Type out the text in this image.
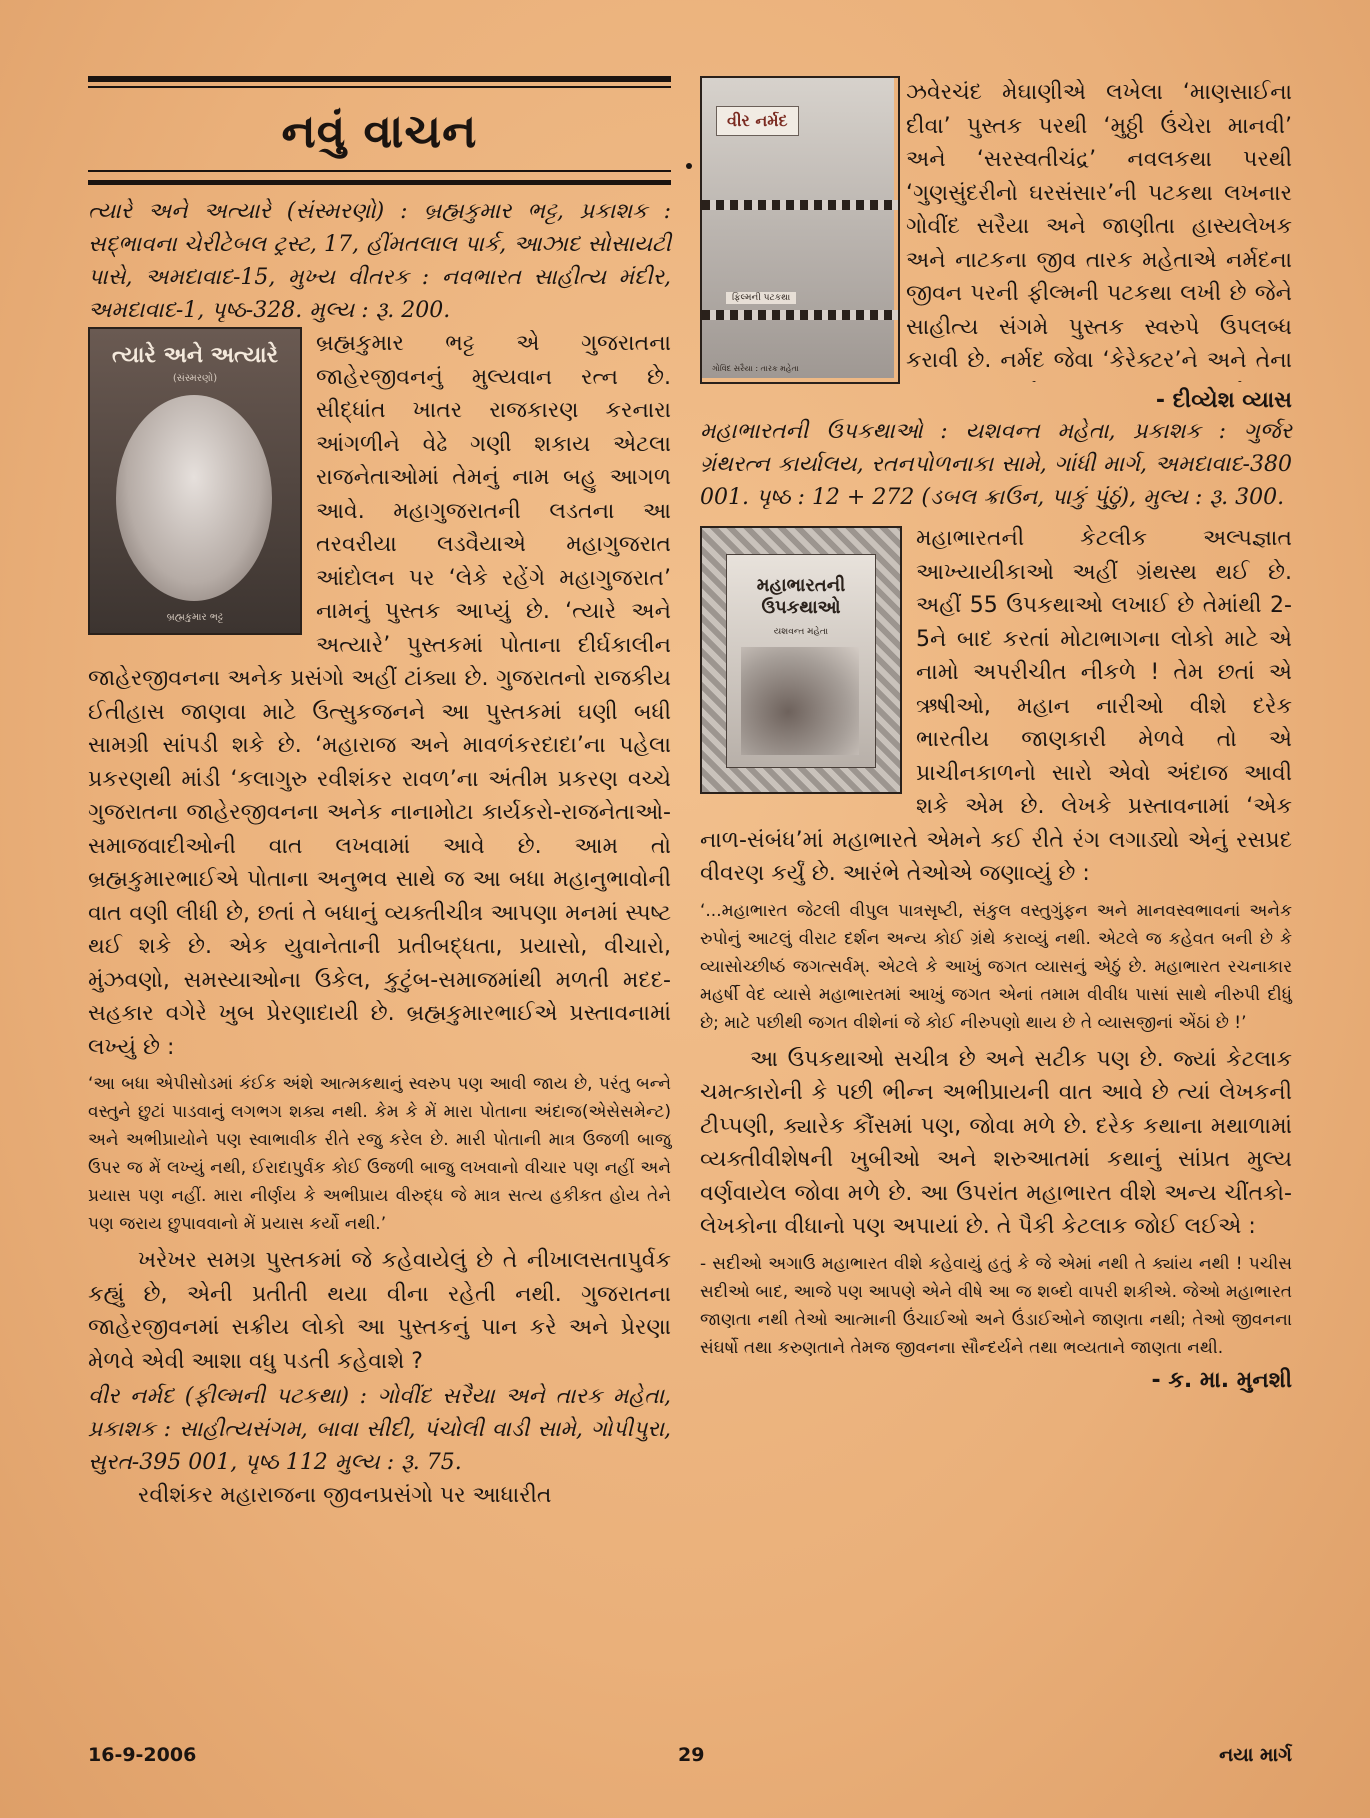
નવું વાચન

ત્યારે અને અત્યારે (સંસ્મરણો) : બ્રહ્મકુમાર ભટ્ટ, પ્રકાશક : સદ્ભાવના ચેરીટેબલ ટ્રસ્ટ, 17, હીંમતલાલ પાર્ક, આઝાદ સોસાયટી પાસે, અમદાવાદ-15, મુખ્ય વીતરક : નવભારત સાહીત્ય મંદીર, અમદાવાદ-1, પૃષ્ઠ-328. મુલ્ય : રૂ. 200.

ત્યારે અને અત્યારે
(સંસ્મરણો)
બ્રહ્મકુમાર ભટ્ટ

બ્રહ્મકુમાર ભટ્ટ એ ગુજરાતના જાહેરજીવનનું મુલ્યવાન રત્ન છે. સીદ્ધાંત ખાતર રાજકારણ કરનારા આંગળીને વેઢે ગણી શકાય એટલા રાજનેતાઓમાં તેમનું નામ બહુ આગળ આવે. મહાગુજરાતની લડતના આ તરવરીયા લડવૈયાએ મહાગુજરાત આંદોલન પર ‘લેકે રહેંગે મહાગુજરાત’ નામનું પુસ્તક આપ્યું છે. ‘ત્યારે અને અત્યારે’ પુસ્તકમાં પોતાના દીર્ઘકાલીન જાહેરજીવનના અનેક પ્રસંગો અહીં ટાંક્યા છે. ગુજરાતનો રાજકીય ઈતીહાસ જાણવા માટે ઉત્સુકજનને આ પુસ્તકમાં ઘણી બધી સામગ્રી સાંપડી શકે છે. ‘મહારાજ અને માવળંકરદાદા’ના પહેલા પ્રકરણથી માંડી ‘કલાગુરુ રવીશંકર રાવળ’ના અંતીમ પ્રકરણ વચ્ચે ગુજરાતના જાહેરજીવનના અનેક નાનામોટા કાર્યકરો-રાજનેતાઓ-સમાજવાદીઓની વાત લખવામાં આવે છે. આમ તો બ્રહ્મકુમારભાઈએ પોતાના અનુભવ સાથે જ આ બધા મહાનુભાવોની વાત વણી લીધી છે, છતાં તે બધાનું વ્યક્તીચીત્ર આપણા મનમાં સ્પષ્ટ થઈ શકે છે. એક યુવાનેતાની પ્રતીબદ્ધતા, પ્રયાસો, વીચારો, મુંઝવણો, સમસ્યાઓના ઉકેલ, કુટુંબ-સમાજમાંથી મળતી મદદ-સહકાર વગેરે ખુબ પ્રેરણાદાયી છે. બ્રહ્મકુમારભાઈએ પ્રસ્તાવનામાં લખ્યું છે :

‘આ બધા એપીસોડમાં કંઈક અંશે આત્મકથાનું સ્વરુપ પણ આવી જાય છે, પરંતુ બન્ને વસ્તુને છુટાં પાડવાનું લગભગ શક્ય નથી. કેમ કે મેં મારા પોતાના અંદાજ(એસેસમેન્ટ) અને અભીપ્રાયોને પણ સ્વાભાવીક રીતે રજુ કરેલ છે. મારી પોતાની માત્ર ઉજળી બાજુ ઉપર જ મેં લખ્યું નથી, ઈરાદાપુર્વક કોઈ ઉજળી બાજુ લખવાનો વીચાર પણ નહીં અને પ્રયાસ પણ નહીં. મારા નીર્ણય કે અભીપ્રાય વીરુદ્ધ જે માત્ર સત્ય હકીકત હોય તેને પણ જરાય છુપાવવાનો મેં પ્રયાસ કર્યો નથી.’

ખરેખર સમગ્ર પુસ્તકમાં જે કહેવાયેલું છે તે નીખાલસતાપુર્વક કહ્યું છે, એની પ્રતીતી થયા વીના રહેતી નથી. ગુજરાતના જાહેરજીવનમાં સક્રીય લોકો આ પુસ્તકનું પાન કરે અને પ્રેરણા મેળવે એવી આશા વધુ પડતી કહેવાશે ?

વીર નર્મદ (ફીલ્મની પટકથા) : ગોવીંદ સરૈયા અને તારક મહેતા, પ્રકાશક : સાહીત્યસંગમ, બાવા સીદી, પંચોલી વાડી સામે, ગોપીપુરા, સુરત-395 001, પૃષ્ઠ 112 મુલ્ય : રૂ. 75.

રવીશંકર મહારાજના જીવનપ્રસંગો પર આધારીત

વીર નર્મદ
ફિલ્મની પટકથા
ગોવિંદ સરૈયા : તારક મહેતા

ઝવેરચંદ મેઘાણીએ લખેલા ‘માણસાઈના દીવા’ પુસ્તક પરથી ‘મુઠ્ઠી ઉંચેરા માનવી’ અને ‘સરસ્વતીચંદ્ર’ નવલકથા પરથી ‘ગુણસુંદરીનો ઘરસંસાર’ની પટકથા લખનાર ગોવીંદ સરૈયા અને જાણીતા હાસ્યલેખક અને નાટકના જીવ તારક મહેતાએ નર્મદના જીવન પરની ફીલ્મની પટકથા લખી છે જેને સાહીત્ય સંગમે પુસ્તક સ્વરુપે ઉપલબ્ધ કરાવી છે. નર્મદ જેવા ‘કેરેક્ટર’ને અને તેના

- દીવ્યેશ વ્યાસ

મહાભારતની ઉપકથાઓ : યશવન્ત મહેતા, પ્રકાશક : ગુર્જર ગ્રંથરત્ન કાર્યાલય, રતનપોળનાકા સામે, ગાંધી માર્ગ, અમદાવાદ-380 001. પૃષ્ઠ : 12 + 272 (ડબલ ક્રાઉન, પાકું પુંઠું), મુલ્ય : રૂ. 300.

મહાભારતની
ઉપકથાઓ
યશવન્ત મહેતા

મહાભારતની કેટલીક અલ્પજ્ઞાત આખ્યાયીકાઓ અહીં ગ્રંથસ્થ થઈ છે. અહીં 55 ઉપકથાઓ લખાઈ છે તેમાંથી 2-5ને બાદ કરતાં મોટાભાગના લોકો માટે એ નામો અપરીચીત નીકળે ! તેમ છતાં એ ઋષીઓ, મહાન નારીઓ વીશે દરેક ભારતીય જાણકારી મેળવે તો એ પ્રાચીનકાળનો સારો એવો અંદાજ આવી શકે એમ છે. લેખકે પ્રસ્તાવનામાં ‘એક નાળ-સંબંધ’માં મહાભારતે એમને કઈ રીતે રંગ લગાડ્યો એનું રસપ્રદ વીવરણ કર્યું છે. આરંભે તેઓએ જણાવ્યું છે :

‘...મહાભારત જેટલી વીપુલ પાત્રસૃષ્ટી, સંકુલ વસ્તુગુંફન અને માનવસ્વભાવનાં અનેક રુપોનું આટલું વીરાટ દર્શન અન્ય કોઈ ગ્રંથે કરાવ્યું નથી. એટલે જ કહેવત બની છે કે વ્યાસોચ્છીષ્ઠં જગત્સર્વમ્. એટલે કે આખું જગત વ્યાસનું એઠું છે. મહાભારત રચનાકાર મહર્ષી વેદ વ્યાસે મહાભારતમાં આખું જગત એનાં તમામ વીવીધ પાસાં સાથે નીરુપી દીધું છે; માટે પછીથી જગત વીશેનાં જે કોઈ નીરુપણો થાય છે તે વ્યાસજીનાં એંઠાં છે !’

આ ઉપકથાઓ સચીત્ર છે અને સટીક પણ છે. જ્યાં કેટલાક ચમત્કારોની કે પછી ભીન્ન અભીપ્રાયની વાત આવે છે ત્યાં લેખકની ટીપ્પણી, ક્યારેક કૌંસમાં પણ, જોવા મળે છે. દરેક કથાના મથાળામાં વ્યક્તીવીશેષની ખુબીઓ અને શરુઆતમાં કથાનું સાંપ્રત મુલ્ય વર્ણવાયેલ જોવા મળે છે. આ ઉપરાંત મહાભારત વીશે અન્ય ચીંતકો-લેખકોના વીધાનો પણ અપાયાં છે. તે પૈકી કેટલાક જોઈ લઈએ :

- સદીઓ અગાઉ મહાભારત વીશે કહેવાયું હતું કે જે એમાં નથી તે ક્યાંય નથી ! પચીસ સદીઓ બાદ, આજે પણ આપણે એને વીષે આ જ શબ્દો વાપરી શકીએ. જેઓ મહાભારત જાણતા નથી તેઓ આત્માની ઉંચાઈઓ અને ઉંડાઈઓને જાણતા નથી; તેઓ જીવનના સંઘર્ષો તથા કરુણતાને તેમજ જીવનના સૌન્દર્યને તથા ભવ્યતાને જાણતા નથી.

- ક. મા. મુનશી
16-9-2006	29	નયા માર્ગ
